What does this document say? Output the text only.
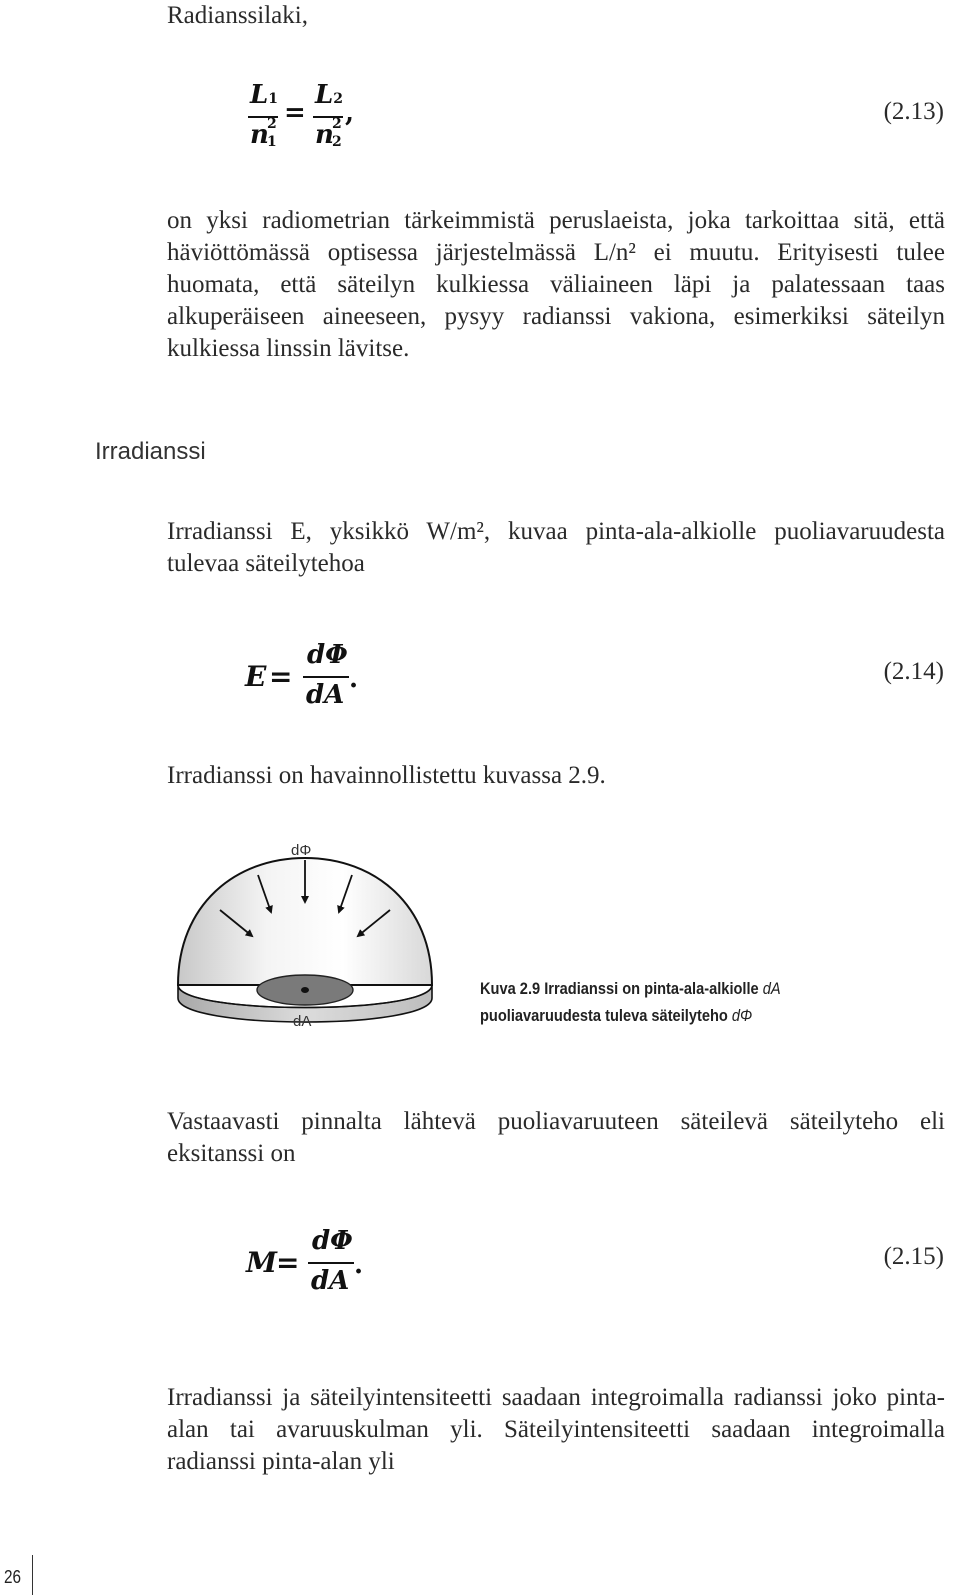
Radianssilaki,
L1
n
2
1
=
L2
n
2
2
,	(2.13)
on yksi radiometrian tärkeimmistä peruslaeista, joka tarkoittaa sitä, että häviöttömässä optisessa järjestelmässä L/n² ei muutu. Erityisesti tulee huomata, että säteilyn kulkiessa väliaineen läpi ja palatessaan taas alkuperäiseen aineeseen, pysyy radianssi vakiona, esimerkiksi säteilyn kulkiessa linssin lävitse.
Irradianssi
Irradianssi E, yksikkö W/m², kuvaa pinta-ala-alkiolle puoliavaruudesta tulevaa säteilytehoa
E =
dΦ
dA
.	(2.14)
Irradianssi on havainnollistettu kuvassa 2.9.
dΦ
dA
Kuva 2.9 Irradianssi on pinta-ala-alkiolle dA
puoliavaruudesta tuleva säteilyteho dΦ
Vastaavasti pinnalta lähtevä puoliavaruuteen säteilevä säteilyteho eli eksitanssi on
M =
dΦ
dA
.	(2.15)
Irradianssi ja säteilyintensiteetti saadaan integroimalla radianssi joko pinta-alan tai avaruuskulman yli. Säteilyintensiteetti saadaan integroimalla radianssi pinta-alan yli
26
